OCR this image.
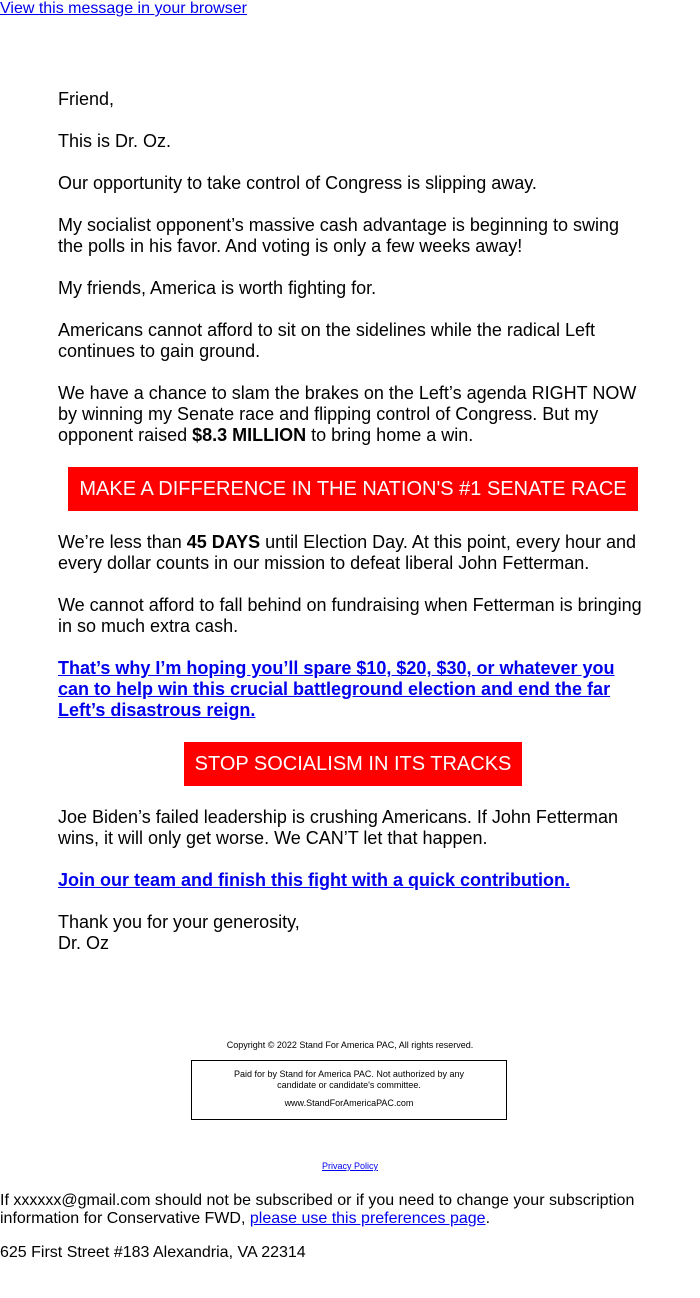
View this message in your browser

Friend,

This is Dr. Oz.

Our opportunity to take control of Congress is slipping away.

My socialist opponent’s massive cash advantage is beginning to swing the polls in his favor. And voting is only a few weeks away!

My friends, America is worth fighting for.

Americans cannot afford to sit on the sidelines while the radical Left continues to gain ground.

We have a chance to slam the brakes on the Left’s agenda RIGHT NOW by winning my Senate race and flipping control of Congress. But my opponent raised $8.3 MILLION to bring home a win.

MAKE A DIFFERENCE IN THE NATION'S #1 SENATE RACE

We’re less than 45 DAYS until Election Day. At this point, every hour and every dollar counts in our mission to defeat liberal John Fetterman.

We cannot afford to fall behind on fundraising when Fetterman is bringing in so much extra cash.

That’s why I’m hoping you’ll spare $10, $20, $30, or whatever you can to help win this crucial battleground election and end the far Left’s disastrous reign.

STOP SOCIALISM IN ITS TRACKS

Joe Biden’s failed leadership is crushing Americans. If John Fetterman wins, it will only get worse. We CAN’T let that happen.

Join our team and finish this fight with a quick contribution.

Thank you for your generosity,
Dr. Oz

Copyright © 2022 Stand For America PAC, All rights reserved.
Paid for by Stand for America PAC. Not authorized by any
candidate or candidate's committee.
www.StandForAmericaPAC.com
Privacy Policy
If xxxxxx@gmail.com should not be subscribed or if you need to change your subscription information for Conservative FWD, please use this preferences page.
625 First Street #183 Alexandria, VA 22314
